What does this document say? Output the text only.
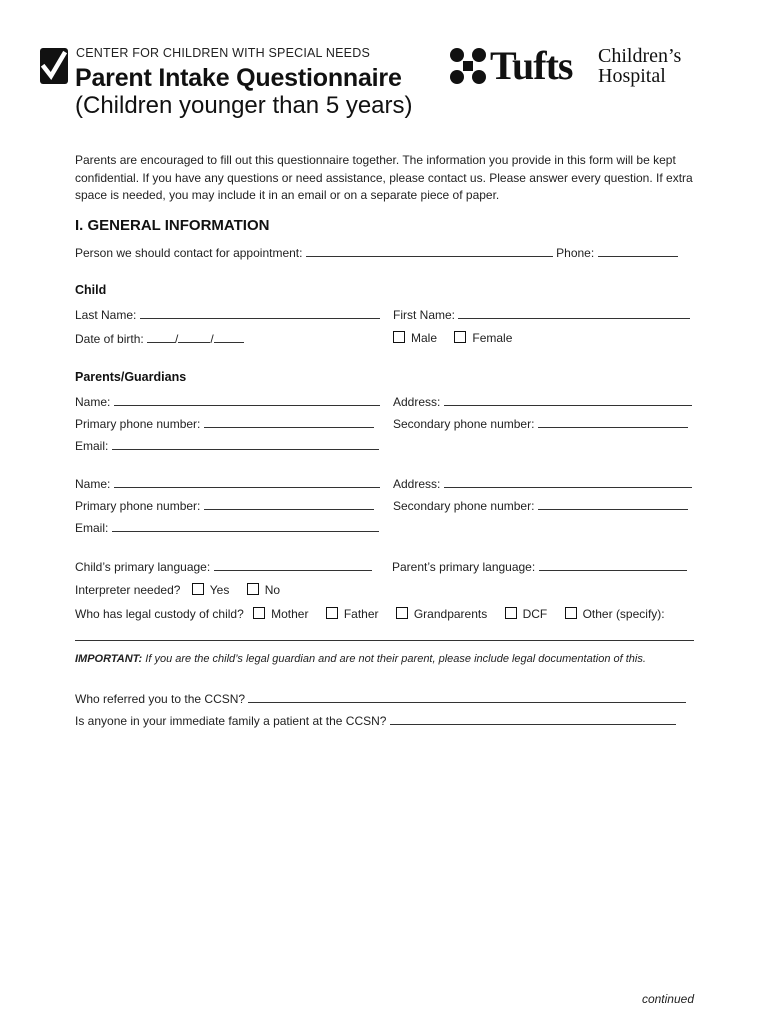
CENTER FOR CHILDREN WITH SPECIAL NEEDS
Parent Intake Questionnaire
(Children younger than 5 years)
Tufts Children’s
Hospital
Parents are encouraged to fill out this questionnaire together. The information you provide in this form will be kept confidential. If you have any questions or need assistance, please contact us. Please answer every question. If extra space is needed, you may include it in an email or on a separate piece of paper.
I. GENERAL INFORMATION
Person we should contact for appointment:	Phone:
Child
Last Name:	First Name:
Date of birth:	/	/	Male	Female
Parents/Guardians
Name:	Address:
Primary phone number:	Secondary phone number:
Email:
Name:	Address:
Primary phone number:	Secondary phone number:
Email:
Child’s primary language:	Parent’s primary language:
Interpreter needed? Yes	No
Who has legal custody of child? Mother	Father	Grandparents	DCF	Other (specify):
IMPORTANT: If you are the child’s legal guardian and are not their parent, please include legal documentation of this.
Who referred you to the CCSN?
Is anyone in your immediate family a patient at the CCSN?
continued
